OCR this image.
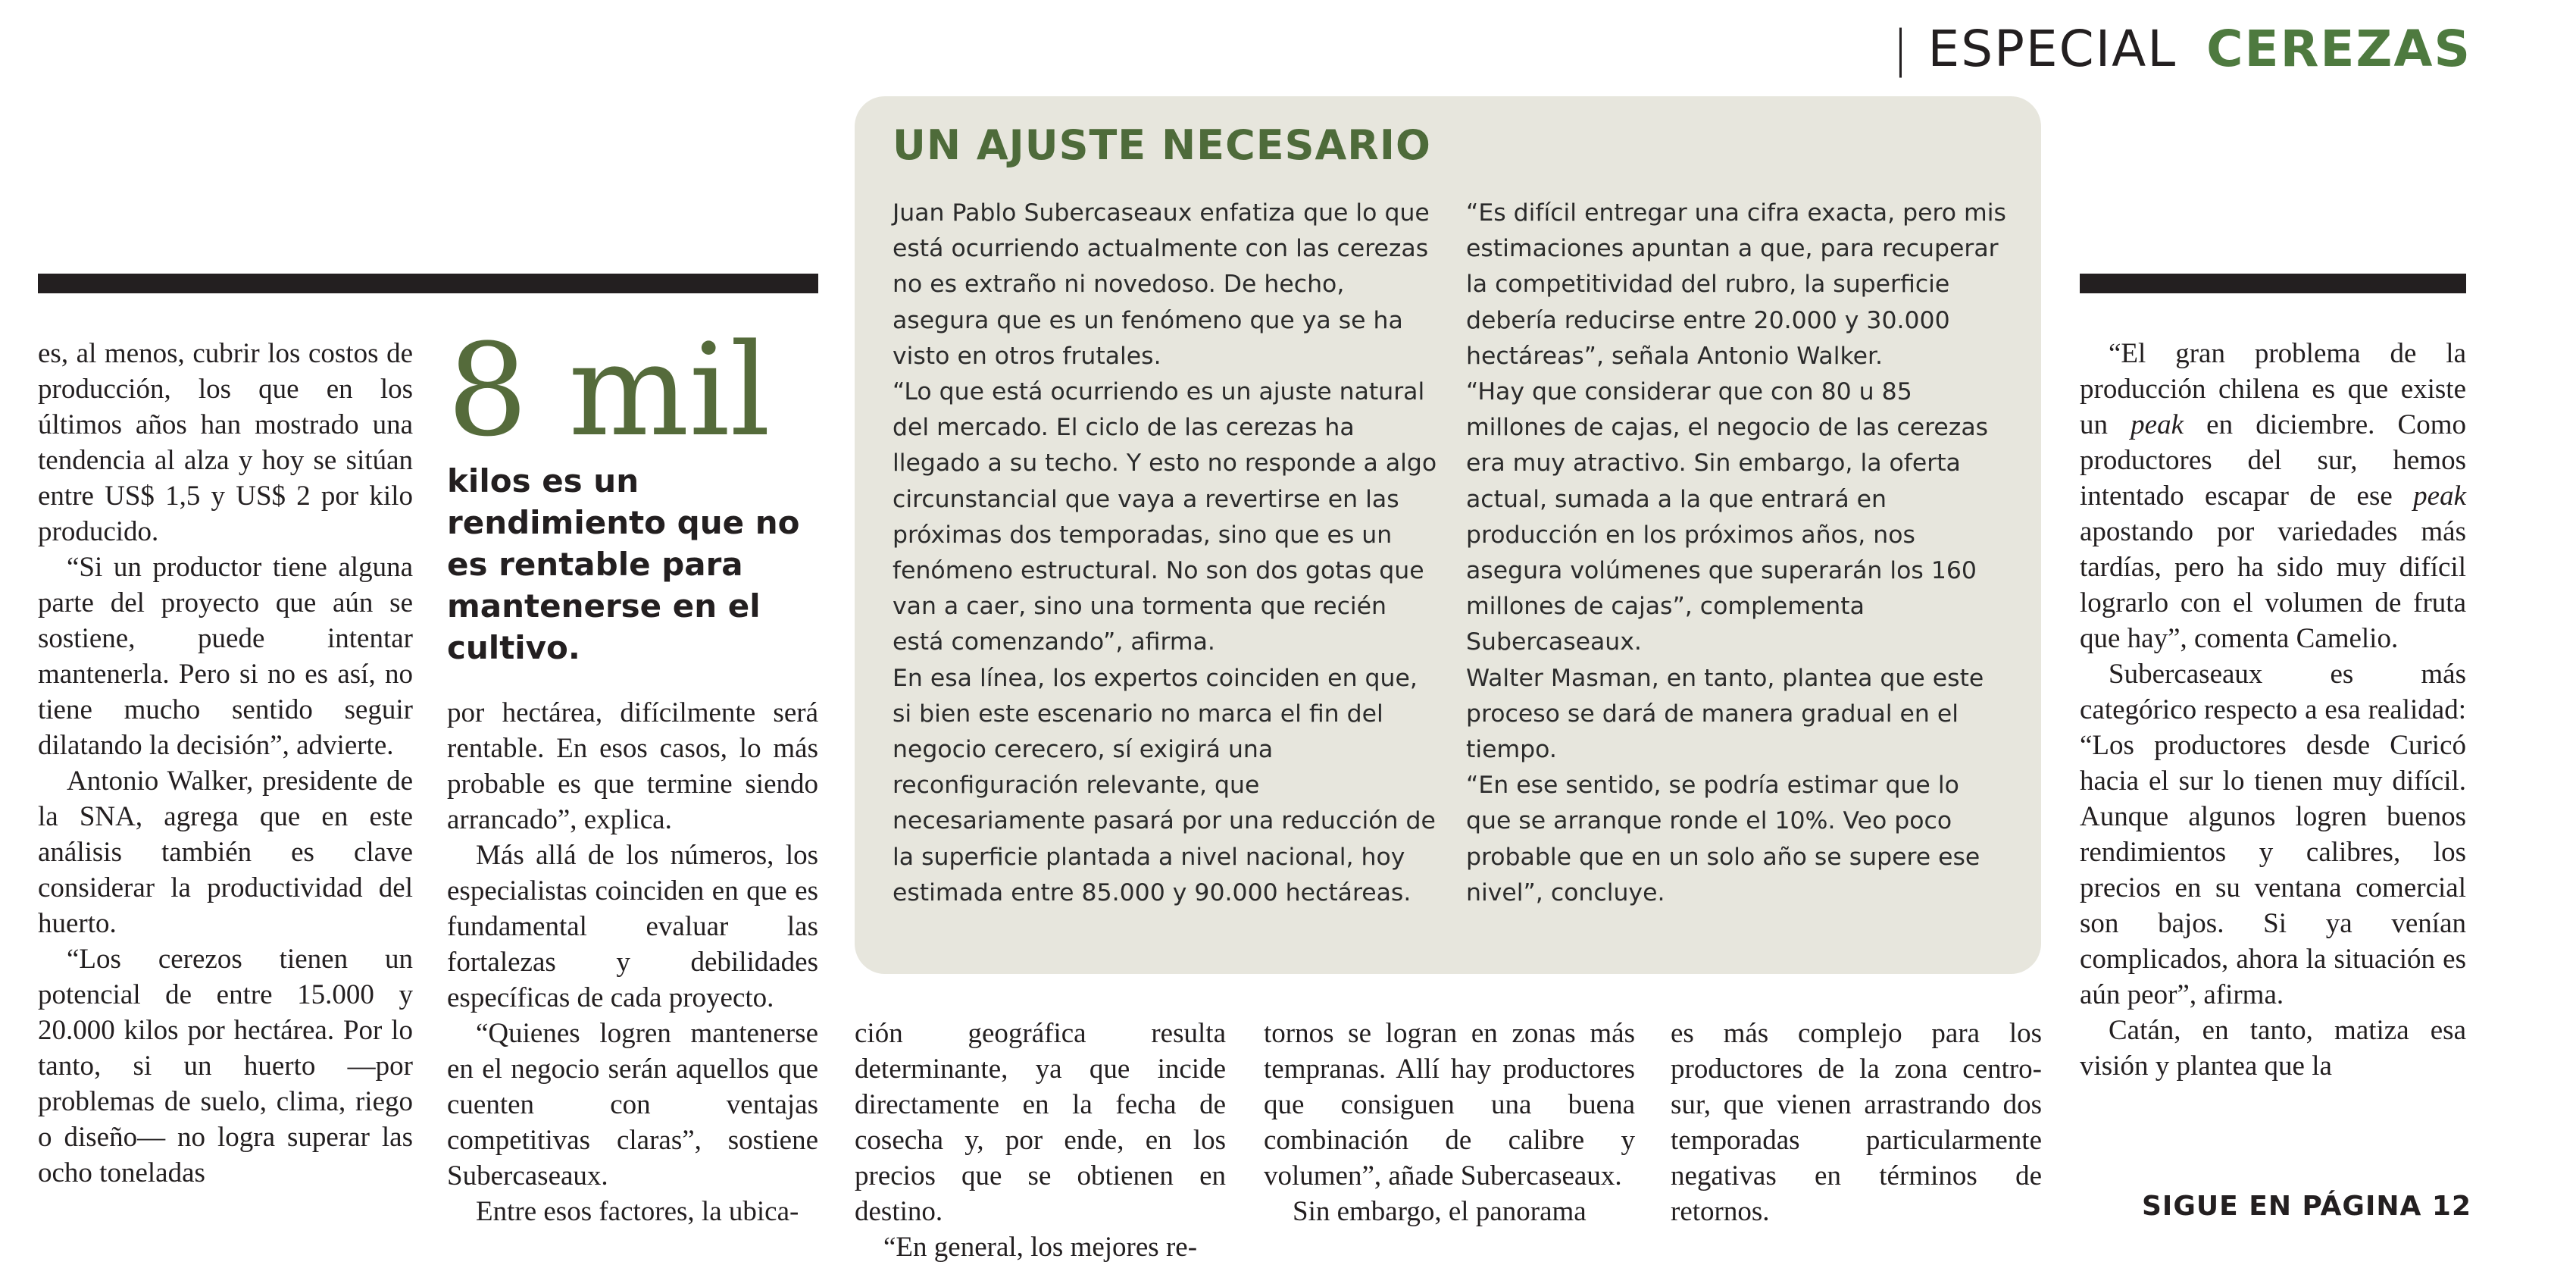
| ESPECIAL CEREZAS

es, al menos, cubrir los costos de producción, los que en los últimos años han mostrado una tendencia al alza y hoy se sitúan entre US$ 1,5 y US$ 2 por kilo producido.

“Si un productor tiene alguna parte del proyecto que aún se sostiene, puede intentar mantenerla. Pero si no es así, no tiene mucho sentido seguir dilatando la decisión”, advierte.

Antonio Walker, presidente de la SNA, agrega que en este análisis también es clave considerar la productividad del huerto.

“Los cerezos tienen un potencial de entre 15.000 y 20.000 kilos por hectárea. Por lo tanto, si un huerto —por problemas de suelo, clima, riego o diseño— no logra superar las ocho toneladas

8 mil
kilos es un rendimiento que no es rentable para mantenerse en el cultivo.

por hectárea, difícilmente será rentable. En esos casos, lo más probable es que termine siendo arrancado”, explica.

Más allá de los números, los especialistas coinciden en que es fundamental evaluar las fortalezas y debilidades específicas de cada proyecto.

“Quienes logren mantenerse en el negocio serán aquellos que cuenten con ventajas competitivas claras”, sostiene Subercaseaux.

Entre esos factores, la ubica-

UN AJUSTE NECESARIO

Juan Pablo Subercaseaux enfatiza que lo que está ocurriendo actualmente con las cerezas no es extraño ni novedoso. De hecho, asegura que es un fenómeno que ya se ha visto en otros frutales.

“Lo que está ocurriendo es un ajuste natural del mercado. El ciclo de las cerezas ha llegado a su techo. Y esto no responde a algo circunstancial que vaya a revertirse en las próximas dos temporadas, sino que es un fenómeno estructural. No son dos gotas que van a caer, sino una tormenta que recién está comenzando”, afirma.

En esa línea, los expertos coinciden en que, si bien este escenario no marca el fin del negocio cerecero, sí exigirá una reconfiguración relevante, que necesariamente pasará por una reducción de la superficie plantada a nivel nacional, hoy estimada entre 85.000 y 90.000 hectáreas.

“Es difícil entregar una cifra exacta, pero mis estimaciones apuntan a que, para recuperar la competitividad del rubro, la superficie debería reducirse entre 20.000 y 30.000 hectáreas”, señala Antonio Walker.

“Hay que considerar que con 80 u 85 millones de cajas, el negocio de las cerezas era muy atractivo. Sin embargo, la oferta actual, sumada a la que entrará en producción en los próximos años, nos asegura volúmenes que superarán los 160 millones de cajas”, complementa Subercaseaux.

Walter Masman, en tanto, plantea que este proceso se dará de manera gradual en el tiempo.

“En ese sentido, se podría estimar que lo que se arranque ronde el 10%. Veo poco probable que en un solo año se supere ese nivel”, concluye.

ción geográfica resulta determinante, ya que incide directamente en la fecha de cosecha y, por ende, en los precios que se obtienen en destino.

“En general, los mejores re-

tornos se logran en zonas más tempranas. Allí hay productores que consiguen una buena combinación de calibre y volumen”, añade Subercaseaux.

Sin embargo, el panorama

es más complejo para los productores de la zona centro-sur, que vienen arrastrando dos temporadas particularmente negativas en términos de retornos.

“El gran problema de la producción chilena es que existe un peak en diciembre. Como productores del sur, hemos intentado escapar de ese peak apostando por variedades más tardías, pero ha sido muy difícil lograrlo con el volumen de fruta que hay”, comenta Camelio.

Subercaseaux es más categórico respecto a esa realidad: “Los productores desde Curicó hacia el sur lo tienen muy difícil. Aunque algunos logren buenos rendimientos y calibres, los precios en su ventana comercial son bajos. Si ya venían complicados, ahora la situación es aún peor”, afirma.

Catán, en tanto, matiza esa visión y plantea que la

SIGUE EN PÁGINA 12
